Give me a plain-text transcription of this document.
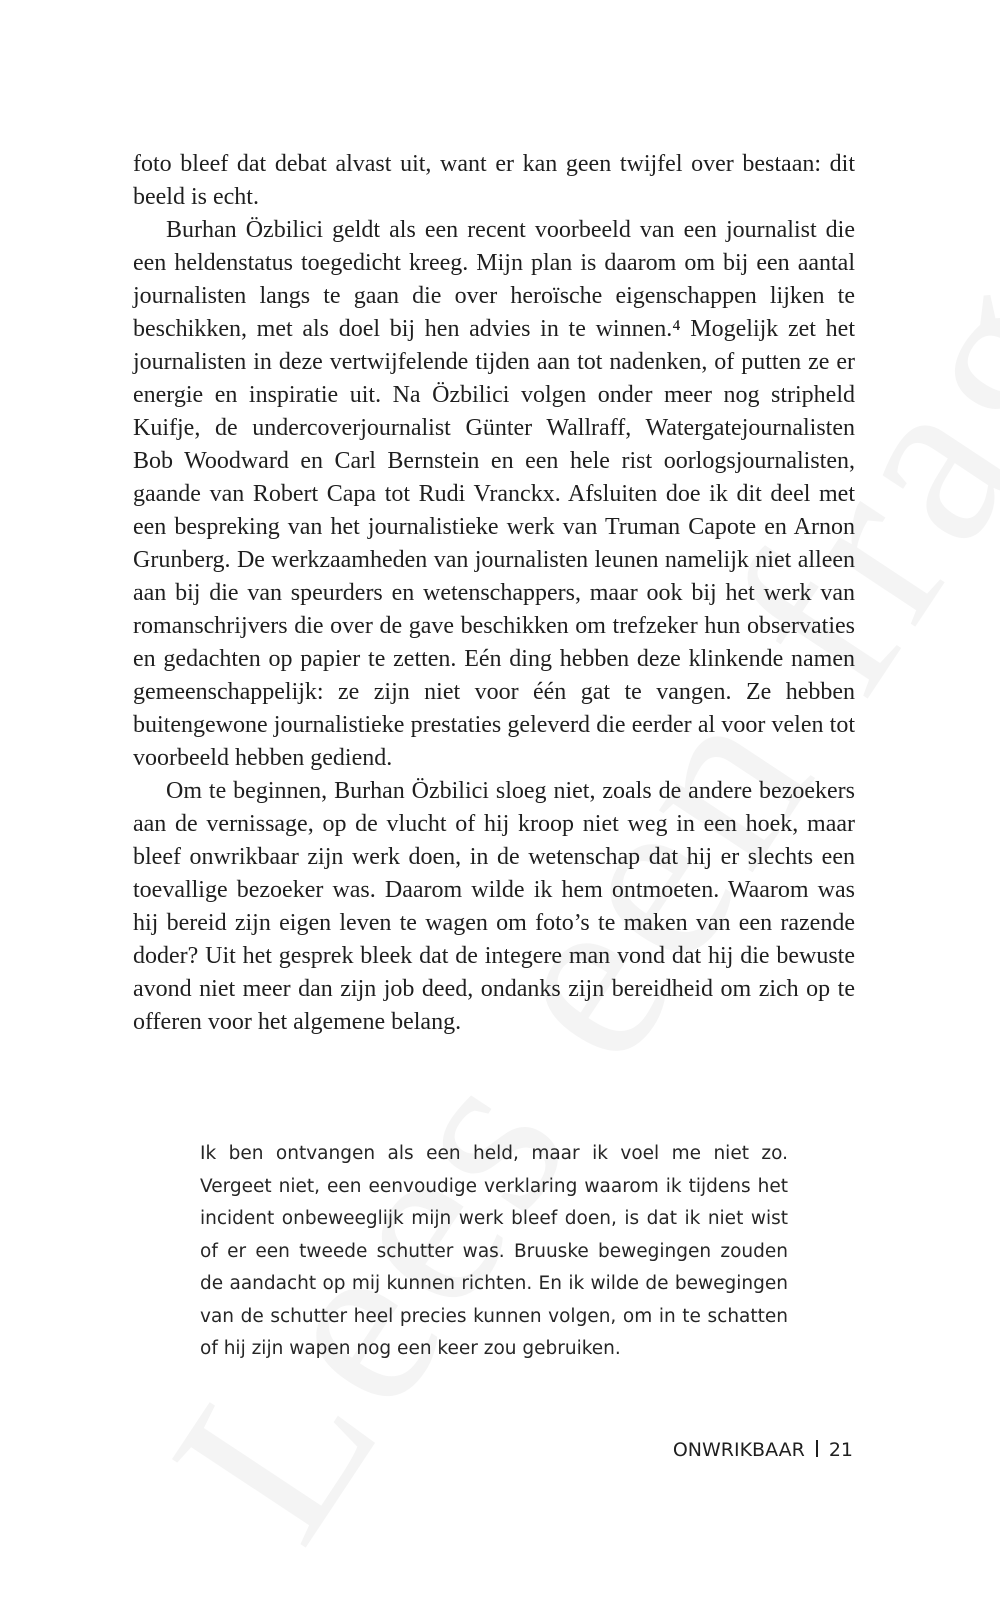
foto bleef dat debat alvast uit, want er kan geen twijfel over bestaan: dit beeld is echt.

Burhan Özbilici geldt als een recent voorbeeld van een journalist die een heldenstatus toegedicht kreeg. Mijn plan is daarom om bij een aantal journalisten langs te gaan die over heroïsche eigenschappen lijken te beschikken, met als doel bij hen advies in te winnen.⁴ Mogelijk zet het journalisten in deze vertwijfelende tijden aan tot nadenken, of putten ze er energie en inspiratie uit. Na Özbilici volgen onder meer nog stripheld Kuifje, de undercoverjournalist Günter Wallraff, Watergatejournalisten Bob Woodward en Carl Bernstein en een hele rist oorlogsjournalisten, gaande van Robert Capa tot Rudi Vranckx. Afsluiten doe ik dit deel met een bespreking van het journalistieke werk van Truman Capote en Arnon Grunberg. De werkzaamheden van journalisten leunen namelijk niet alleen aan bij die van speurders en wetenschappers, maar ook bij het werk van romanschrijvers die over de gave beschikken om trefzeker hun observaties en gedachten op papier te zetten. Eén ding hebben deze klinkende namen gemeenschappelijk: ze zijn niet voor één gat te vangen. Ze hebben buitengewone journalistieke prestaties geleverd die eerder al voor velen tot voorbeeld hebben gediend.

Om te beginnen, Burhan Özbilici sloeg niet, zoals de andere bezoekers aan de vernissage, op de vlucht of hij kroop niet weg in een hoek, maar bleef onwrikbaar zijn werk doen, in de wetenschap dat hij er slechts een toevallige bezoeker was. Daarom wilde ik hem ontmoeten. Waarom was hij bereid zijn eigen leven te wagen om foto’s te maken van een razende doder? Uit het gesprek bleek dat de integere man vond dat hij die bewuste avond niet meer dan zijn job deed, ondanks zijn bereidheid om zich op te offeren voor het algemene belang.

Ik ben ontvangen als een held, maar ik voel me niet zo. Vergeet niet, een eenvoudige verklaring waarom ik tijdens het incident onbeweeglijk mijn werk bleef doen, is dat ik niet wist of er een tweede schutter was. Bruuske bewegingen zouden de aandacht op mij kunnen richten. En ik wilde de bewegingen van de schutter heel precies kunnen volgen, om in te schatten of hij zijn wapen nog een keer zou gebruiken.

ONWRIKBAAR 21
